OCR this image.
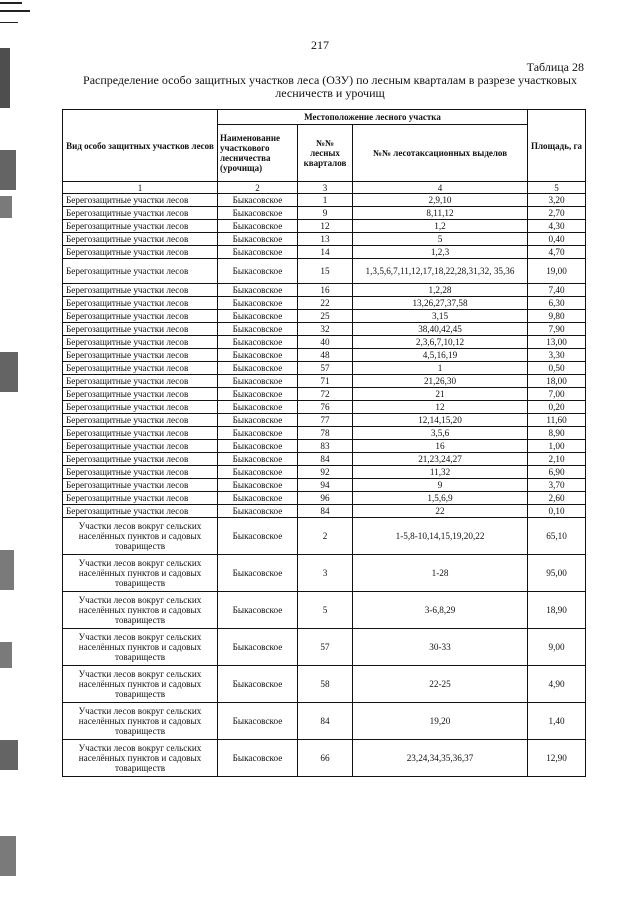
217
Таблица 28
Распределение особо защитных участков леса (ОЗУ) по лесным кварталам в разрезе участковых лесничеств и урочищ
Вид особо защитных участков лесов	Местоположение лесного участка			Площадь, га
	Наименование участкового лесничества (урочища)	№№ лесных кварталов	№№ лесотаксационных выделов	
1	2	3	4	5
Берегозащитные участки лесов	Быкасовское	1	2,9,10	3,20
Берегозащитные участки лесов	Быкасовское	9	8,11,12	2,70
Берегозащитные участки лесов	Быкасовское	12	1,2	4,30
Берегозащитные участки лесов	Быкасовское	13	5	0,40
Берегозащитные участки лесов	Быкасовское	14	1,2,3	4,70
Берегозащитные участки лесов	Быкасовское	15	1,3,5,6,7,11,12,17,18,22,28,31,32, 35,36	19,00
Берегозащитные участки лесов	Быкасовское	16	1,2,28	7,40
Берегозащитные участки лесов	Быкасовское	22	13,26,27,37,58	6,30
Берегозащитные участки лесов	Быкасовское	25	3,15	9,80
Берегозащитные участки лесов	Быкасовское	32	38,40,42,45	7,90
Берегозащитные участки лесов	Быкасовское	40	2,3,6,7,10,12	13,00
Берегозащитные участки лесов	Быкасовское	48	4,5,16,19	3,30
Берегозащитные участки лесов	Быкасовское	57	1	0,50
Берегозащитные участки лесов	Быкасовское	71	21,26,30	18,00
Берегозащитные участки лесов	Быкасовское	72	21	7,00
Берегозащитные участки лесов	Быкасовское	76	12	0,20
Берегозащитные участки лесов	Быкасовское	77	12,14,15,20	11,60
Берегозащитные участки лесов	Быкасовское	78	3,5,6	8,90
Берегозащитные участки лесов	Быкасовское	83	16	1,00
Берегозащитные участки лесов	Быкасовское	84	21,23,24,27	2,10
Берегозащитные участки лесов	Быкасовское	92	11,32	6,90
Берегозащитные участки лесов	Быкасовское	94	9	3,70
Берегозащитные участки лесов	Быкасовское	96	1,5,6,9	2,60
Берегозащитные участки лесов	Быкасовское	84	22	0,10
Участки лесов вокруг сельских населённых пунктов и садовых товариществ	Быкасовское	2	1-5,8-10,14,15,19,20,22	65,10
Участки лесов вокруг сельских населённых пунктов и садовых товариществ	Быкасовское	3	1-28	95,00
Участки лесов вокруг сельских населённых пунктов и садовых товариществ	Быкасовское	5	3-6,8,29	18,90
Участки лесов вокруг сельских населённых пунктов и садовых товариществ	Быкасовское	57	30-33	9,00
Участки лесов вокруг сельских населённых пунктов и садовых товариществ	Быкасовское	58	22-25	4,90
Участки лесов вокруг сельских населённых пунктов и садовых товариществ	Быкасовское	84	19,20	1,40
Участки лесов вокруг сельских населённых пунктов и садовых товариществ	Быкасовское	66	23,24,34,35,36,37	12,90
